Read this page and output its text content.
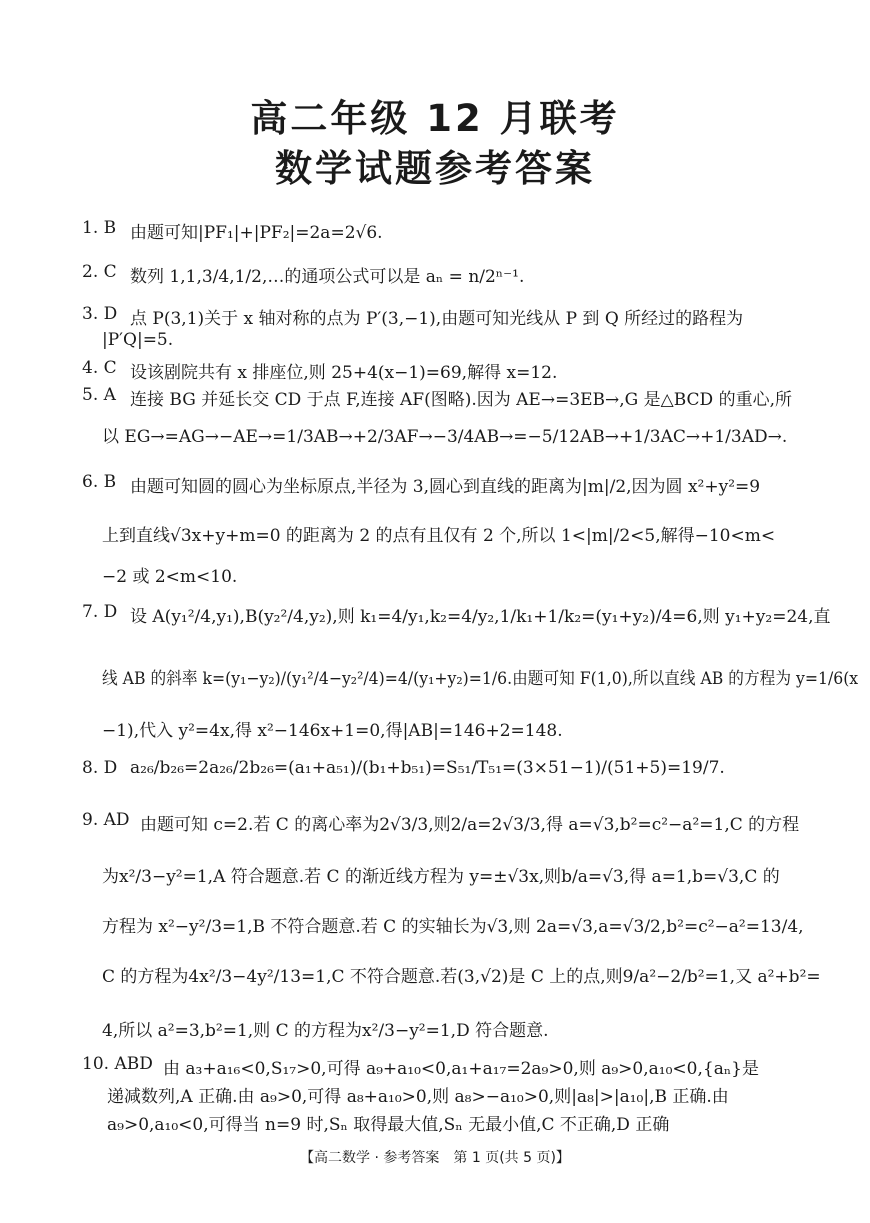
高二年级 12 月联考
数学试题参考答案
1. B 由题可知|PF₁|+|PF₂|=2a=2√6.
2. C 数列 1,1,3/4,1/2,…的通项公式可以是 aₙ = n/2ⁿ⁻¹.
3. D 点 P(3,1)关于 x 轴对称的点为 P′(3,−1),由题可知光线从 P 到 Q 所经过的路程为
|P′Q|=5.
4. C 设该剧院共有 x 排座位,则 25+4(x−1)=69,解得 x=12.
5. A 连接 BG 并延长交 CD 于点 F,连接 AF(图略).因为 AE→=3EB→,G 是△BCD 的重心,所
以 EG→=AG→−AE→=1/3AB→+2/3AF→−3/4AB→=−5/12AB→+1/3AC→+1/3AD→.
6. B 由题可知圆的圆心为坐标原点,半径为 3,圆心到直线的距离为|m|/2,因为圆 x²+y²=9
上到直线√3x+y+m=0 的距离为 2 的点有且仅有 2 个,所以 1<|m|/2<5,解得−10<m<
−2 或 2<m<10.
7. D 设 A(y₁²/4,y₁),B(y₂²/4,y₂),则 k₁=4/y₁,k₂=4/y₂,1/k₁+1/k₂=(y₁+y₂)/4=6,则 y₁+y₂=24,直
线 AB 的斜率 k=(y₁−y₂)/(y₁²/4−y₂²/4)=4/(y₁+y₂)=1/6.由题可知 F(1,0),所以直线 AB 的方程为 y=1/6(x
−1),代入 y²=4x,得 x²−146x+1=0,得|AB|=146+2=148.
8. D a₂₆/b₂₆=2a₂₆/2b₂₆=(a₁+a₅₁)/(b₁+b₅₁)=S₅₁/T₅₁=(3×51−1)/(51+5)=19/7.
9. AD 由题可知 c=2.若 C 的离心率为2√3/3,则2/a=2√3/3,得 a=√3,b²=c²−a²=1,C 的方程
为x²/3−y²=1,A 符合题意.若 C 的渐近线方程为 y=±√3x,则b/a=√3,得 a=1,b=√3,C 的
方程为 x²−y²/3=1,B 不符合题意.若 C 的实轴长为√3,则 2a=√3,a=√3/2,b²=c²−a²=13/4,
C 的方程为4x²/3−4y²/13=1,C 不符合题意.若(3,√2)是 C 上的点,则9/a²−2/b²=1,又 a²+b²=
4,所以 a²=3,b²=1,则 C 的方程为x²/3−y²=1,D 符合题意.
10. ABD 由 a₃+a₁₆<0,S₁₇>0,可得 a₉+a₁₀<0,a₁+a₁₇=2a₉>0,则 a₉>0,a₁₀<0,{aₙ}是
递减数列,A 正确.由 a₉>0,可得 a₈+a₁₀>0,则 a₈>−a₁₀>0,则|a₈|>|a₁₀|,B 正确.由
a₉>0,a₁₀<0,可得当 n=9 时,Sₙ 取得最大值,Sₙ 无最小值,C 不正确,D 正确
【高二数学 · 参考答案　第 1 页(共 5 页)】
